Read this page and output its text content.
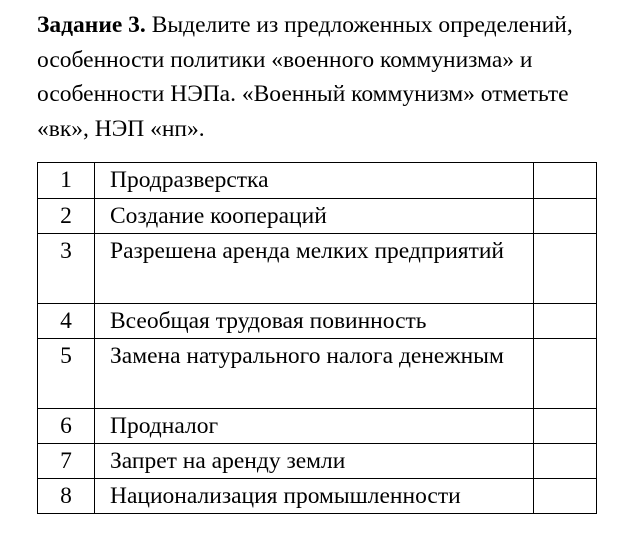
Задание 3. Выделите из предложенных определений, особенности политики «военного коммунизма» и особенности НЭПа. «Военный коммунизм» отметьте «вк», НЭП «нп».

1	Продразверстка	
2	Создание коопераций	
3	Разрешена аренда мелких предприятий	
4	Всеобщая трудовая повинность	
5	Замена натурального налога денежным	
6	Продналог	
7	Запрет на аренду земли	
8	Национализация промышленности	
